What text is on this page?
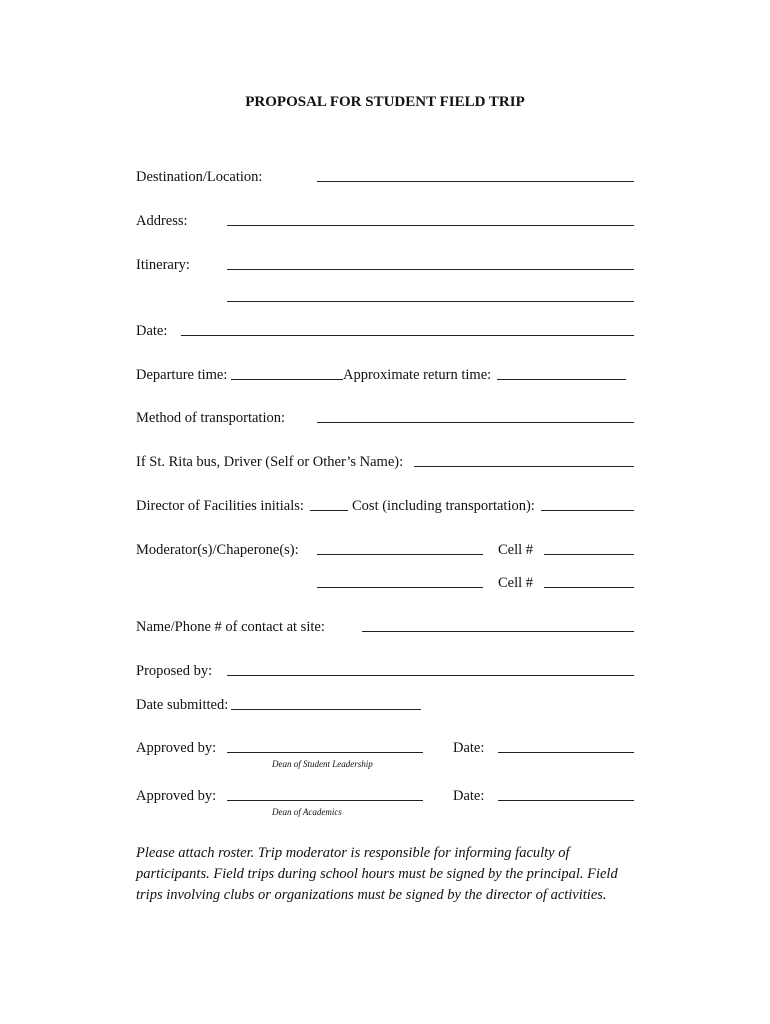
PROPOSAL FOR STUDENT FIELD TRIP
Destination/Location:
Address:
Itinerary:
Date:
Departure time:	Approximate return time:
Method of transportation:
If St. Rita bus, Driver (Self or Other’s Name):
Director of Facilities initials:	Cost (including transportation):
Moderator(s)/Chaperone(s):	Cell #
Cell #
Name/Phone # of contact at site:
Proposed by:
Date submitted:
Approved by:	Date:
Dean of Student Leadership
Approved by:	Date:
Dean of Academics
Please attach roster. Trip moderator is responsible for informing faculty of participants. Field trips during school hours must be signed by the principal. Field trips involving clubs or organizations must be signed by the director of activities.
